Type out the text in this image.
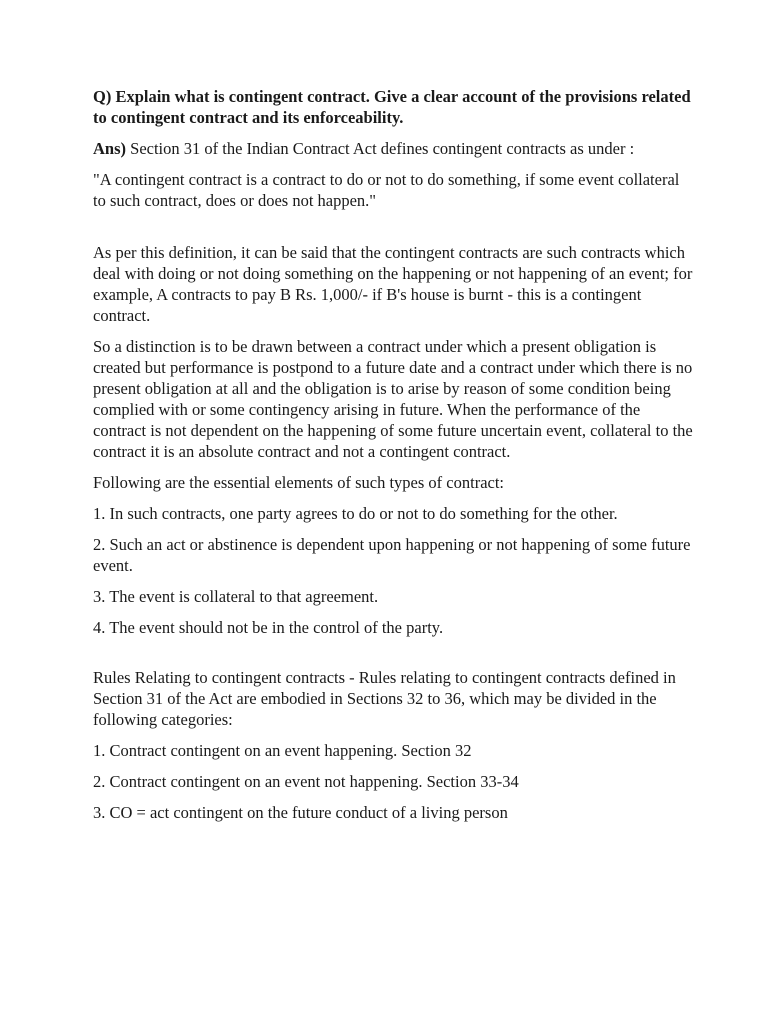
Q) Explain what is contingent contract. Give a clear account of the provisions related to contingent contract and its enforceability.

Ans) Section 31 of the Indian Contract Act defines contingent contracts as under :

"A contingent contract is a contract to do or not to do something, if some event collateral to such contract, does or does not happen."

As per this definition, it can be said that the contingent contracts are such contracts which deal with doing or not doing something on the happening or not happening of an event; for example, A contracts to pay B Rs. 1,000/- if B's house is burnt - this is a contingent contract.

So a distinction is to be drawn between a contract under which a present obligation is created but performance is postpond to a future date and a contract under which there is no present obligation at all and the obligation is to arise by reason of some condition being complied with or some contingency arising in future. When the performance of the contract is not dependent on the happening of some future uncertain event, collateral to the contract it is an absolute contract and not a contingent contract.

Following are the essential elements of such types of contract:

1. In such contracts, one party agrees to do or not to do something for the other.

2. Such an act or abstinence is dependent upon happening or not happening of some future event.

3. The event is collateral to that agreement.

4. The event should not be in the control of the party.

Rules Relating to contingent contracts - Rules relating to contingent contracts defined in Section 31 of the Act are embodied in Sections 32 to 36, which may be divided in the following categories:

1. Contract contingent on an event happening. Section 32

2. Contract contingent on an event not happening. Section 33-34

3. CO = act contingent on the future conduct of a living person
